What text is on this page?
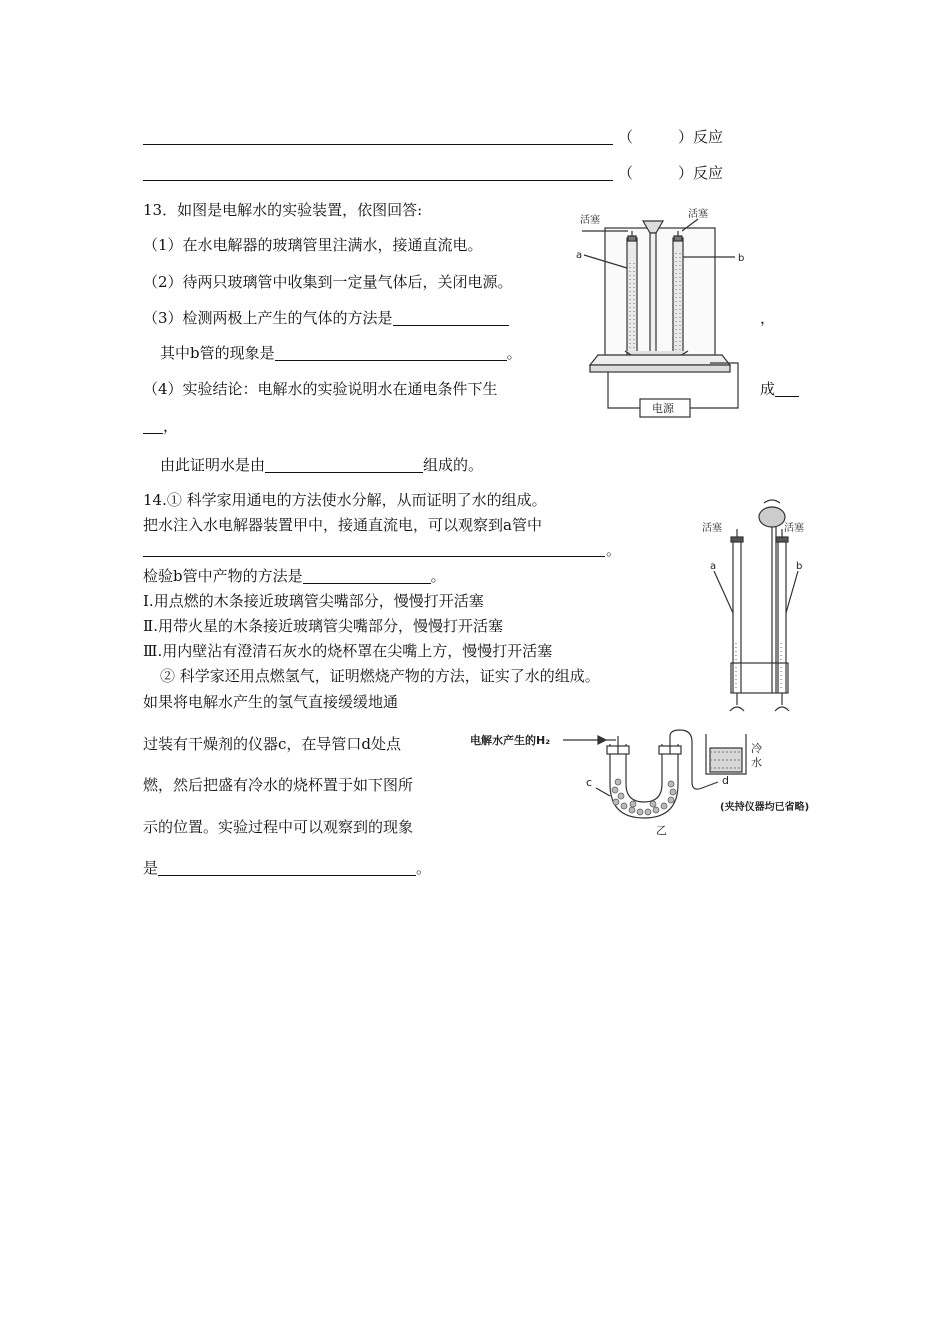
（　　　）反应
（　　　）反应
13．如图是电解水的实验装置，依图回答:
（1）在水电解器的玻璃管里注满水，接通直流电。
（2）待两只玻璃管中收集到一定量气体后，关闭电源。
（3）检测两极上产生的气体的方法是	，
其中b管的现象是	。
（4）实验结论：电解水的实验说明水在通电条件下生	成
，
由此证明水是由	组成的。
活塞
活塞
a	b
电源
14.① 科学家用通电的方法使水分解，从而证明了水的组成。
把水注入水电解器装置甲中，接通直流电，可以观察到a管中
。
检验b管中产物的方法是	。
Ⅰ.用点燃的木条接近玻璃管尖嘴部分，慢慢打开活塞
Ⅱ.用带火星的木条接近玻璃管尖嘴部分，慢慢打开活塞
Ⅲ.用内壁沾有澄清石灰水的烧杯罩在尖嘴上方，慢慢打开活塞
② 科学家还用点燃氢气，证明燃烧产物的方法，证实了水的组成。
如果将电解水产生的氢气直接缓缓地通
过装有干燥剂的仪器c，在导管口d处点
燃，然后把盛有冷水的烧杯置于如下图所
示的位置。实验过程中可以观察到的现象
是	。
活塞	活塞
a	b
电解水产生的H₂
c	d
冷
水
(夹持仪器均已省略)
乙
